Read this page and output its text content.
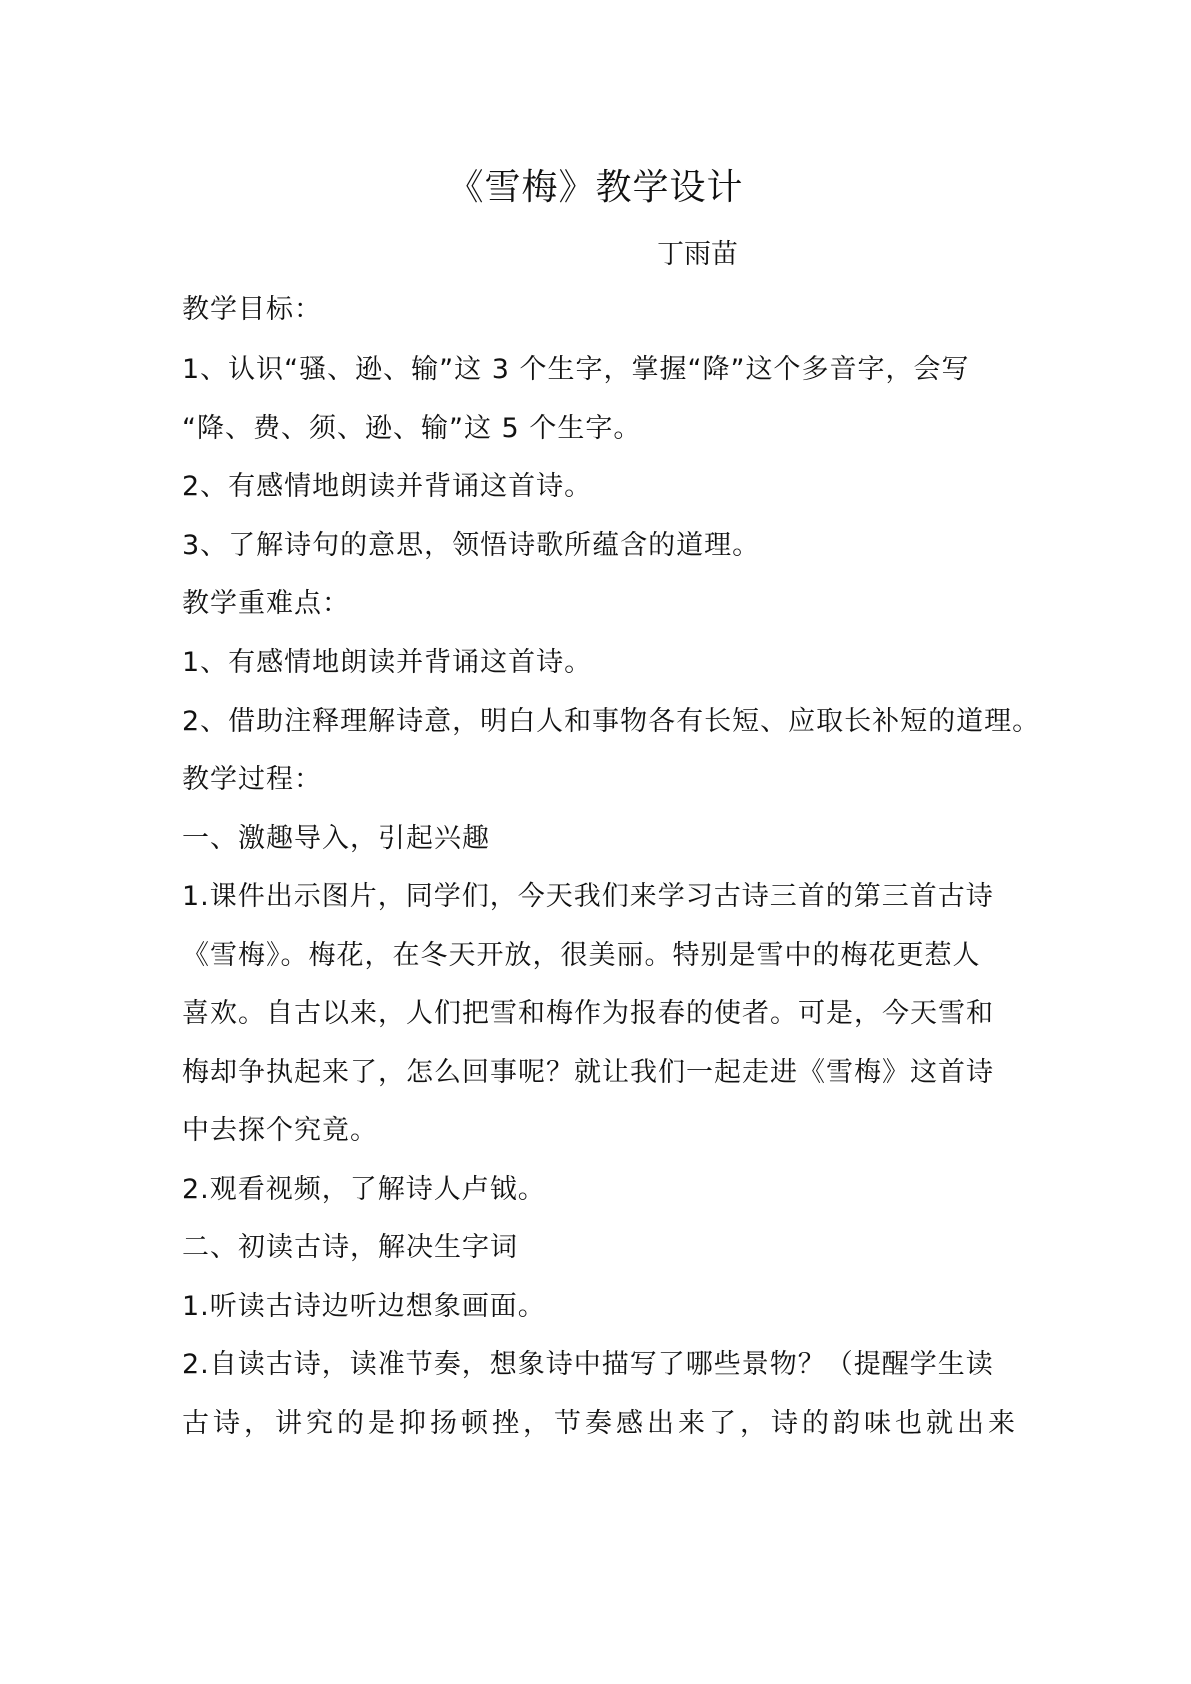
《雪梅》教学设计

丁雨苗

教学目标：

1、认识“骚、逊、输”这 3 个生字，掌握“降”这个多音字，会写

“降、费、须、逊、输”这 5 个生字。

2、有感情地朗读并背诵这首诗。

3、了解诗句的意思，领悟诗歌所蕴含的道理。

教学重难点：

1、有感情地朗读并背诵这首诗。

2、借助注释理解诗意，明白人和事物各有长短、应取长补短的道理。

教学过程：

一、激趣导入，引起兴趣

1.课件出示图片，同学们，今天我们来学习古诗三首的第三首古诗

《雪梅》。梅花，在冬天开放，很美丽。特别是雪中的梅花更惹人

喜欢。自古以来，人们把雪和梅作为报春的使者。可是，今天雪和

梅却争执起来了，怎么回事呢？就让我们一起走进《雪梅》这首诗

中去探个究竟。

2.观看视频，了解诗人卢钺。

二、初读古诗，解决生字词

1.听读古诗边听边想象画面。

2.自读古诗，读准节奏，想象诗中描写了哪些景物？（提醒学生读

古诗，讲究的是抑扬顿挫，节奏感出来了，诗的韵味也就出来
